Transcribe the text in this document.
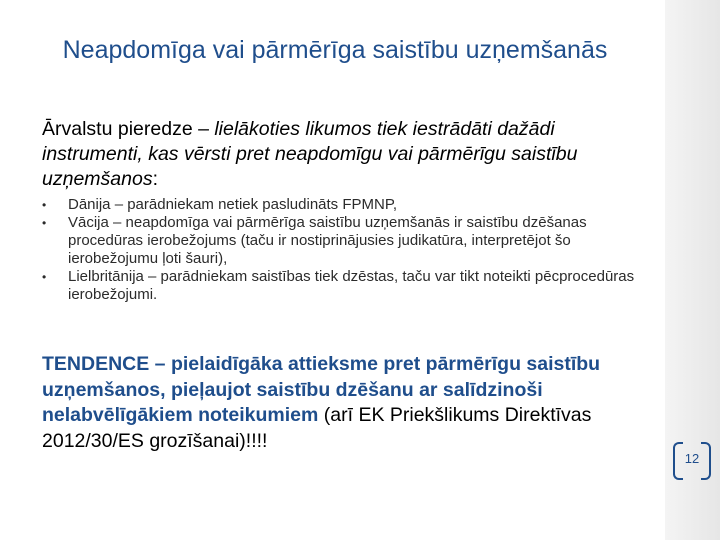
Neapdomīga vai pārmērīga saistību uzņemšanās
Ārvalstu pieredze – lielākoties likumos tiek iestrādāti dažādi instrumenti, kas vērsti pret neapdomīgu vai pārmērīgu saistību uzņemšanos:
•	Dānija – parādniekam netiek pasludināts FPMNP,
•	Vācija – neapdomīga vai pārmērīga saistību uzņemšanās ir saistību dzēšanas procedūras ierobežojums (taču ir nostiprinājusies judikatūra, interpretējot šo ierobežojumu ļoti šauri),
•	Lielbritānija – parādniekam saistības tiek dzēstas, taču var tikt noteikti pēcprocedūras ierobežojumi.
TENDENCE – pielaidīgāka attieksme pret pārmērīgu saistību uzņemšanos, pieļaujot saistību dzēšanu ar salīdzinoši nelabvēlīgākiem noteikumiem (arī EK Priekšlikums Direktīvas 2012/30/ES grozīšanai)!!!!
12
